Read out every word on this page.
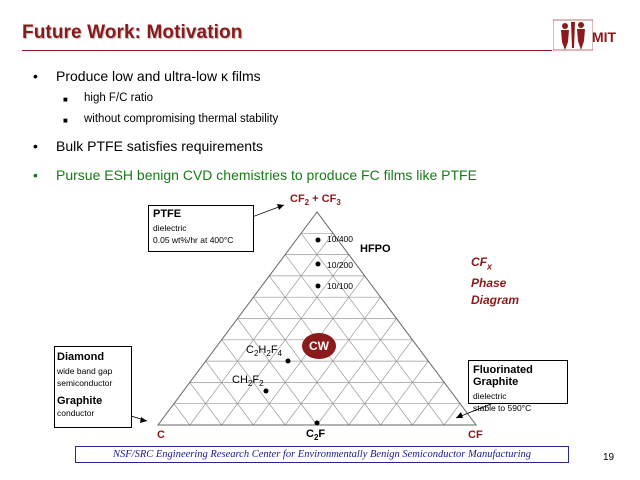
Future Work: Motivation	MIT
• Produce low and ultra-low κ films
■ high F/C ratio
■ without compromising thermal stability
• Bulk PTFE satisfies requirements
• Pursue ESH benign CVD chemistries to produce FC films like PTFE
$CF_2 + CF_3$
C	CF
$C_2F$
HFPO
10/400
10/200
10/100
$C_2H_2F_4$
$CH_2F_2$
CW
$CF_x$
Phase
Diagram
PTFE
dielectric
0.05 wt%/hr at 400°C
Diamond
wide band gap
semiconductor
Graphite
conductor
Fluorinated Graphite
dielectric
stable to 590°C
NSF/SRC Engineering Research Center for Environmentally Benign Semiconductor Manufacturing	19
